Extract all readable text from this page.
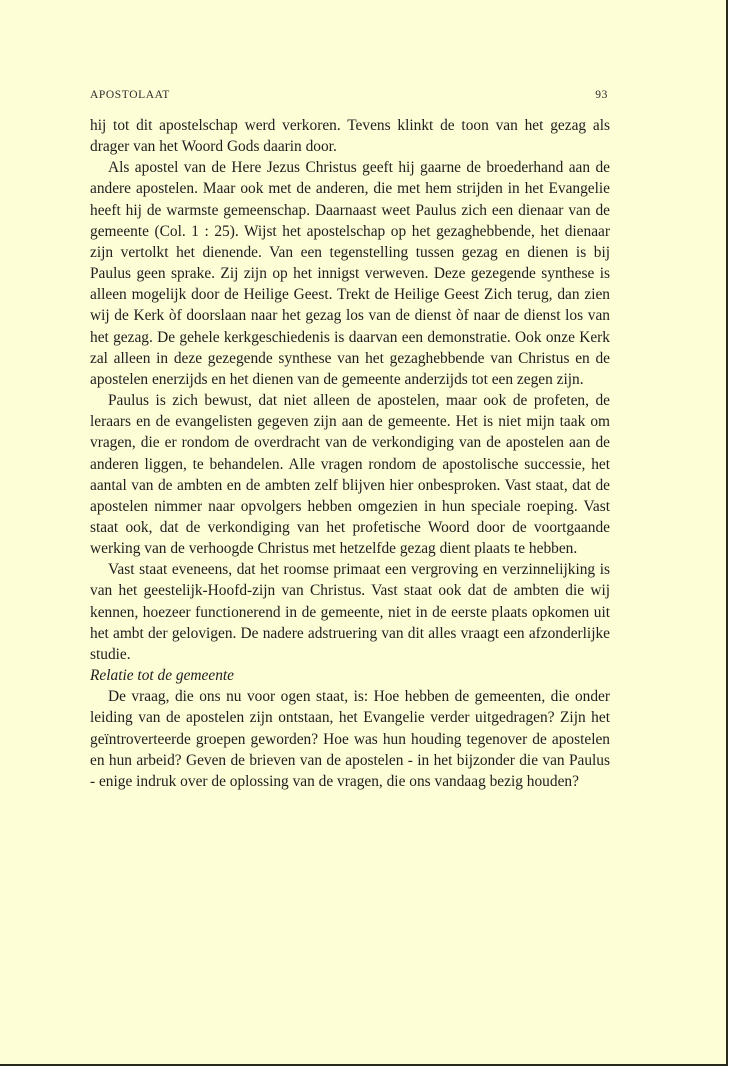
APOSTOLAAT	93

hij tot dit apostelschap werd verkoren. Tevens klinkt de toon van het gezag als drager van het Woord Gods daarin door.

Als apostel van de Here Jezus Christus geeft hij gaarne de broederhand aan de andere apostelen. Maar ook met de anderen, die met hem strijden in het Evangelie heeft hij de warmste gemeenschap. Daarnaast weet Paulus zich een dienaar van de gemeente (Col. 1 : 25). Wijst het apostelschap op het gezaghebbende, het dienaar zijn vertolkt het dienende. Van een tegenstelling tussen gezag en dienen is bij Paulus geen sprake. Zij zijn op het innigst verweven. Deze gezegende synthese is alleen mogelijk door de Heilige Geest. Trekt de Heilige Geest Zich terug, dan zien wij de Kerk òf doorslaan naar het gezag los van de dienst òf naar de dienst los van het gezag. De gehele kerkgeschiedenis is daarvan een demonstratie. Ook onze Kerk zal alleen in deze gezegende synthese van het gezaghebbende van Christus en de apostelen enerzijds en het dienen van de gemeente anderzijds tot een zegen zijn.

Paulus is zich bewust, dat niet alleen de apostelen, maar ook de profeten, de leraars en de evangelisten gegeven zijn aan de gemeente. Het is niet mijn taak om vragen, die er rondom de overdracht van de verkondiging van de apostelen aan de anderen liggen, te behandelen. Alle vragen rondom de apostolische successie, het aantal van de ambten en de ambten zelf blijven hier onbesproken. Vast staat, dat de apostelen nimmer naar opvolgers hebben omgezien in hun speciale roeping. Vast staat ook, dat de verkondiging van het profetische Woord door de voortgaande werking van de verhoogde Christus met hetzelfde gezag dient plaats te hebben.

Vast staat eveneens, dat het roomse primaat een vergroving en verzinnelijking is van het geestelijk-Hoofd-zijn van Christus. Vast staat ook dat de ambten die wij kennen, hoezeer functionerend in de gemeente, niet in de eerste plaats opkomen uit het ambt der gelovigen. De nadere adstruering van dit alles vraagt een afzonderlijke studie.

Relatie tot de gemeente

De vraag, die ons nu voor ogen staat, is: Hoe hebben de gemeenten, die onder leiding van de apostelen zijn ontstaan, het Evangelie verder uitgedragen? Zijn het geïntroverteerde groepen geworden? Hoe was hun houding tegenover de apostelen en hun arbeid? Geven de brieven van de apostelen - in het bijzonder die van Paulus - enige indruk over de oplossing van de vragen, die ons vandaag bezig houden?
